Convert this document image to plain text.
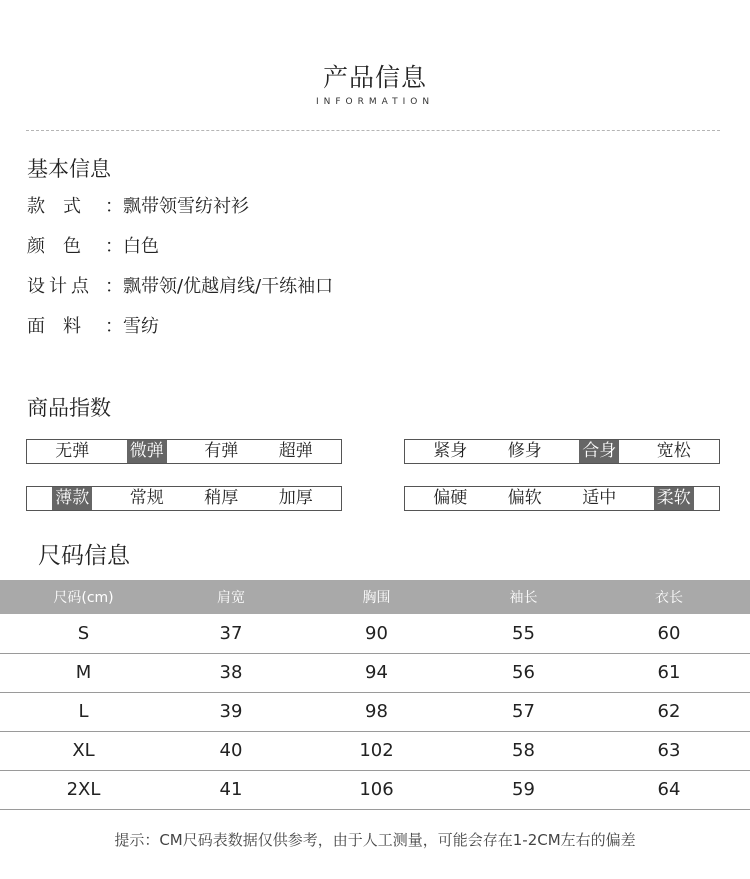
产品信息
INFORMATION
基本信息
款　式 ：飘带领雪纺衬衫
颜　色 ：白色
设计点 ：飘带领/优越肩线/干练袖口
面　料 ：雪纺
商品指数
无弹 微弹 有弹 超弹	紧身 修身 合身 宽松
薄款 常规 稍厚 加厚	偏硬 偏软 适中 柔软
尺码信息
尺码(cm)	肩宽	胸围	袖长	衣长
S	37	90	55	60
M	38	94	56	61
L	39	98	57	62
XL	40	102	58	63
2XL	41	106	59	64
提示：CM尺码表数据仅供参考，由于人工测量，可能会存在1-2CM左右的偏差
